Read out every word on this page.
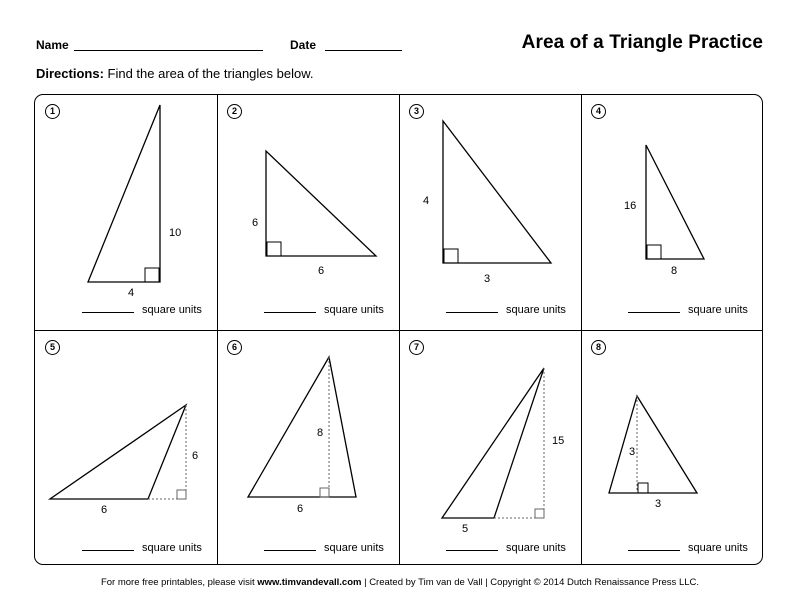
Name	Date	Area of a Triangle Practice
Directions: Find the area of the triangles below.
1
4
10
square units
2
6
6
square units
3
4
3
square units
4
16
8
square units
5
6
6
square units
6
8
6
square units
7
15
5
square units
8
3
3
square units
For more free printables, please visit www.timvandevall.com | Created by Tim van de Vall | Copyright © 2014 Dutch Renaissance Press LLC.
